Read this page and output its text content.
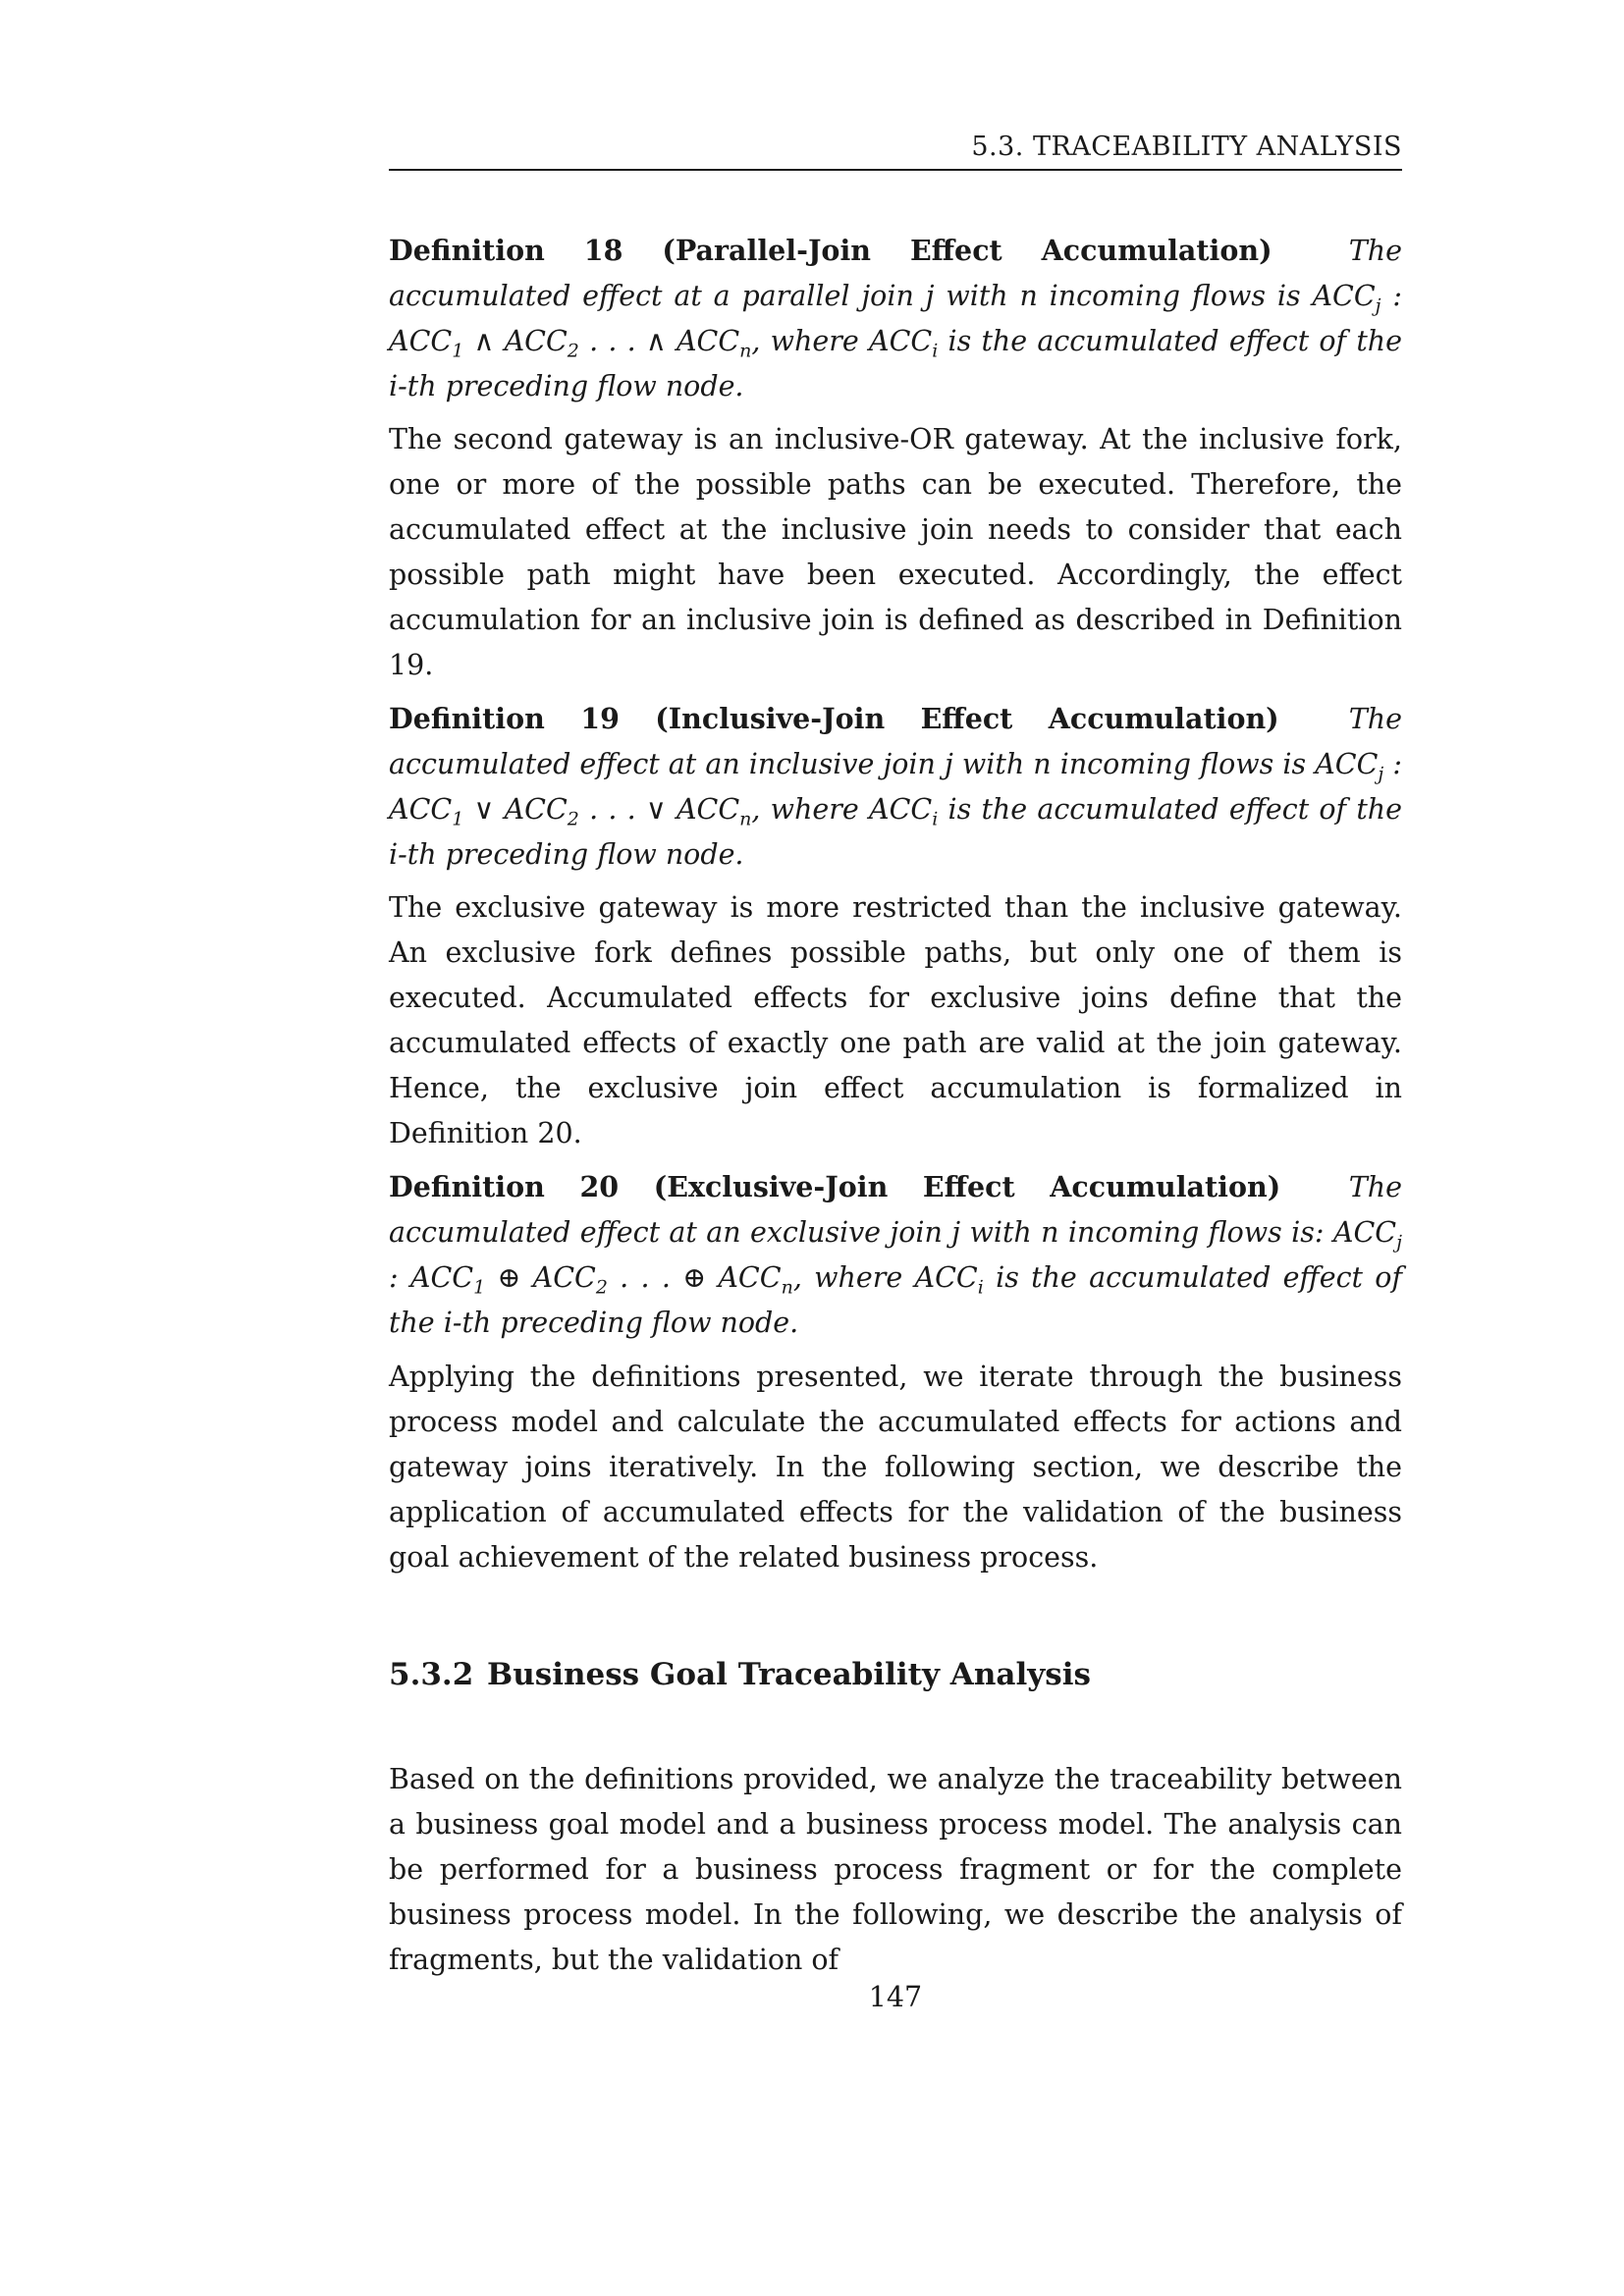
5.3. TRACEABILITY ANALYSIS
Definition 18 (Parallel-Join Effect Accumulation)	The accumulated effect at a parallel join j with n incoming flows is $ACC_j$ : $ACC_1$ ∧ $ACC_2$ . . . ∧ $ACC_n$, where $ACC_i$ is the accumulated effect of the i-th preceding flow node.
The second gateway is an inclusive-OR gateway. At the inclusive fork, one or more of the possible paths can be executed. Therefore, the accumulated effect at the inclusive join needs to consider that each possible path might have been executed. Accordingly, the effect accumulation for an inclusive join is defined as described in Definition 19.
Definition 19 (Inclusive-Join Effect Accumulation) The accumulated effect at an inclusive join j with n incoming flows is $ACC_j$ : $ACC_1$ ∨ $ACC_2$ . . . ∨ $ACC_n$, where $ACC_i$ is the accumulated effect of the i-th preceding flow node.
The exclusive gateway is more restricted than the inclusive gateway. An exclusive fork defines possible paths, but only one of them is executed. Accumulated effects for exclusive joins define that the accumulated effects of exactly one path are valid at the join gateway. Hence, the exclusive join effect accumulation is formalized in Definition 20.
Definition 20 (Exclusive-Join Effect Accumulation) The accumulated effect at an exclusive join j with n incoming flows is: $ACC_j$ : $ACC_1$ ⊕ $ACC_2$ . . . ⊕ $ACC_n$, where $ACC_i$ is the accumulated effect of the i-th preceding flow node.
Applying the definitions presented, we iterate through the business process model and calculate the accumulated effects for actions and gateway joins iteratively. In the following section, we describe the application of accumulated effects for the validation of the business goal achievement of the related business process.
5.3.2 Business Goal Traceability Analysis
Based on the definitions provided, we analyze the traceability between a business goal model and a business process model. The analysis can be performed for a business process fragment or for the complete business process model. In the following, we describe the analysis of fragments, but the validation of
147
